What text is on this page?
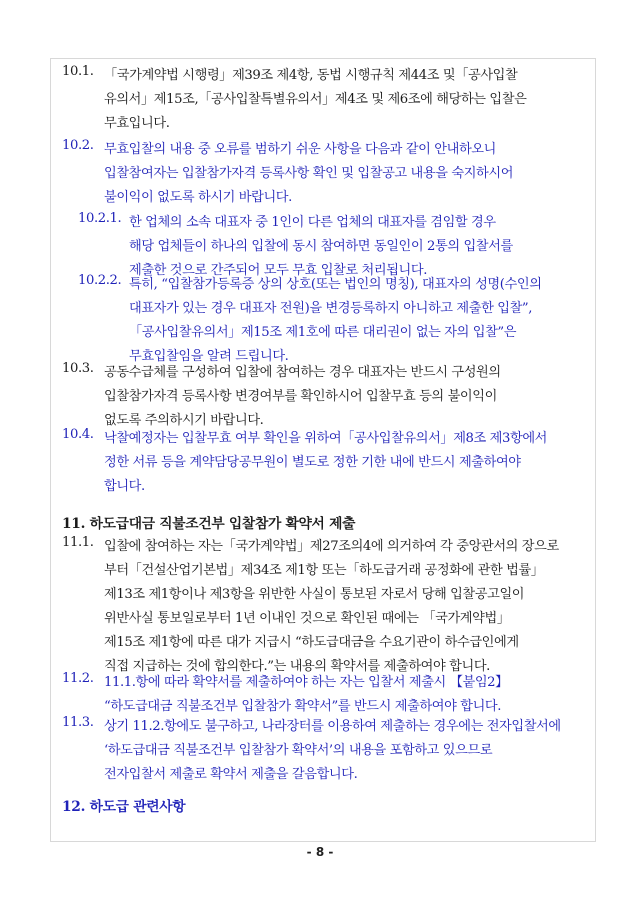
10.1. 「국가계약법 시행령」제39조 제4항, 동법 시행규칙 제44조 및「공사입찰
유의서」제15조,「공사입찰특별유의서」제4조 및 제6조에 해당하는 입찰은
무효입니다.
10.2. 무효입찰의 내용 중 오류를 범하기 쉬운 사항을 다음과 같이 안내하오니
입찰참여자는 입찰참가자격 등록사항 확인 및 입찰공고 내용을 숙지하시어
불이익이 없도록 하시기 바랍니다.
10.2.1. 한 업체의 소속 대표자 중 1인이 다른 업체의 대표자를 겸임할 경우
해당 업체들이 하나의 입찰에 동시 참여하면 동일인이 2통의 입찰서를
제출한 것으로 간주되어 모두 무효 입찰로 처리됩니다.
10.2.2. 특히, “입찰참가등록증 상의 상호(또는 법인의 명칭), 대표자의 성명(수인의
대표자가 있는 경우 대표자 전원)을 변경등록하지 아니하고 제출한 입찰”,
「공사입찰유의서」제15조 제1호에 따른 대리권이 없는 자의 입찰”은
무효입찰임을 알려 드립니다.
10.3. 공동수급체를 구성하여 입찰에 참여하는 경우 대표자는 반드시 구성원의
입찰참가자격 등록사항 변경여부를 확인하시어 입찰무효 등의 불이익이
없도록 주의하시기 바랍니다.
10.4. 낙찰예정자는 입찰무효 여부 확인을 위하여「공사입찰유의서」제8조 제3항에서
정한 서류 등을 계약담당공무원이 별도로 정한 기한 내에 반드시 제출하여야
합니다.
11. 하도급대금 직불조건부 입찰참가 확약서 제출
11.1. 입찰에 참여하는 자는「국가계약법」제27조의4에 의거하여 각 중앙관서의 장으로
부터「건설산업기본법」제34조 제1항 또는「하도급거래 공정화에 관한 법률」
제13조 제1항이나 제3항을 위반한 사실이 통보된 자로서 당해 입찰공고일이
위반사실 통보일로부터 1년 이내인 것으로 확인된 때에는 「국가계약법」
제15조 제1항에 따른 대가 지급시 “하도급대금을 수요기관이 하수급인에게
직접 지급하는 것에 합의한다.”는 내용의 확약서를 제출하여야 합니다.
11.2. 11.1.항에 따라 확약서를 제출하여야 하는 자는 입찰서 제출시 【붙임2】
“하도급대금 직불조건부 입찰참가 확약서”를 반드시 제출하여야 합니다.
11.3. 상기 11.2.항에도 불구하고, 나라장터를 이용하여 제출하는 경우에는 전자입찰서에
‘하도급대금 직불조건부 입찰참가 확약서’의 내용을 포함하고 있으므로
전자입찰서 제출로 확약서 제출을 갈음합니다.
12. 하도급 관련사항
- 8 -
